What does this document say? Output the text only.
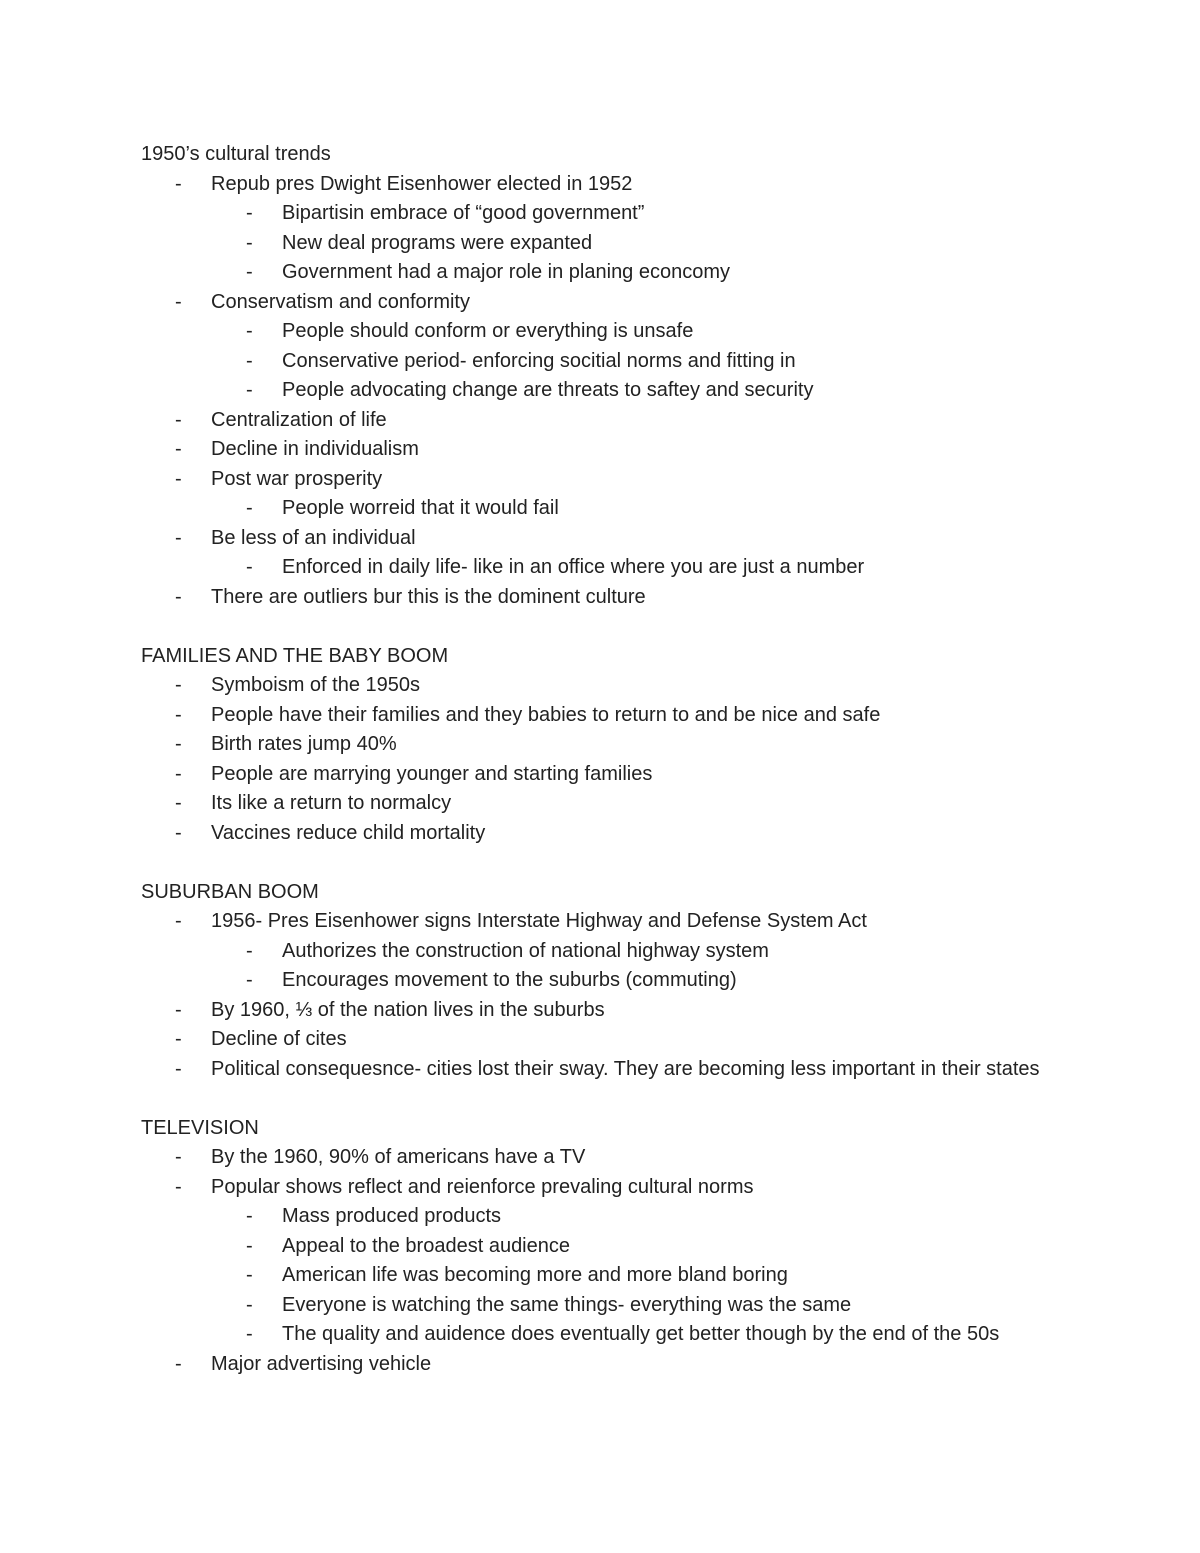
1950’s cultural trends
- Repub pres Dwight Eisenhower elected in 1952
- Bipartisin embrace of “good government”
- New deal programs were expanted
- Government had a major role in planing econcomy
- Conservatism and conformity
- People should conform or everything is unsafe
- Conservative period- enforcing socitial norms and fitting in
- People advocating change are threats to saftey and security
- Centralization of life
- Decline in individualism
- Post war prosperity
- People worreid that it would fail
- Be less of an individual
- Enforced in daily life- like in an office where you are just a number
- There are outliers bur this is the dominent culture
FAMILIES AND THE BABY BOOM
- Symboism of the 1950s
- People have their families and they babies to return to and be nice and safe
- Birth rates jump 40%
- People are marrying younger and starting families
- Its like a return to normalcy
- Vaccines reduce child mortality
SUBURBAN BOOM
- 1956- Pres Eisenhower signs Interstate Highway and Defense System Act
- Authorizes the construction of national highway system
- Encourages movement to the suburbs (commuting)
- By 1960, ⅓ of the nation lives in the suburbs
- Decline of cites
- Political consequesnce- cities lost their sway. They are becoming less important in their states
TELEVISION
- By the 1960, 90% of americans have a TV
- Popular shows reflect and reienforce prevaling cultural norms
- Mass produced products
- Appeal to the broadest audience
- American life was becoming more and more bland boring
- Everyone is watching the same things- everything was the same
- The quality and auidence does eventually get better though by the end of the 50s
- Major advertising vehicle
